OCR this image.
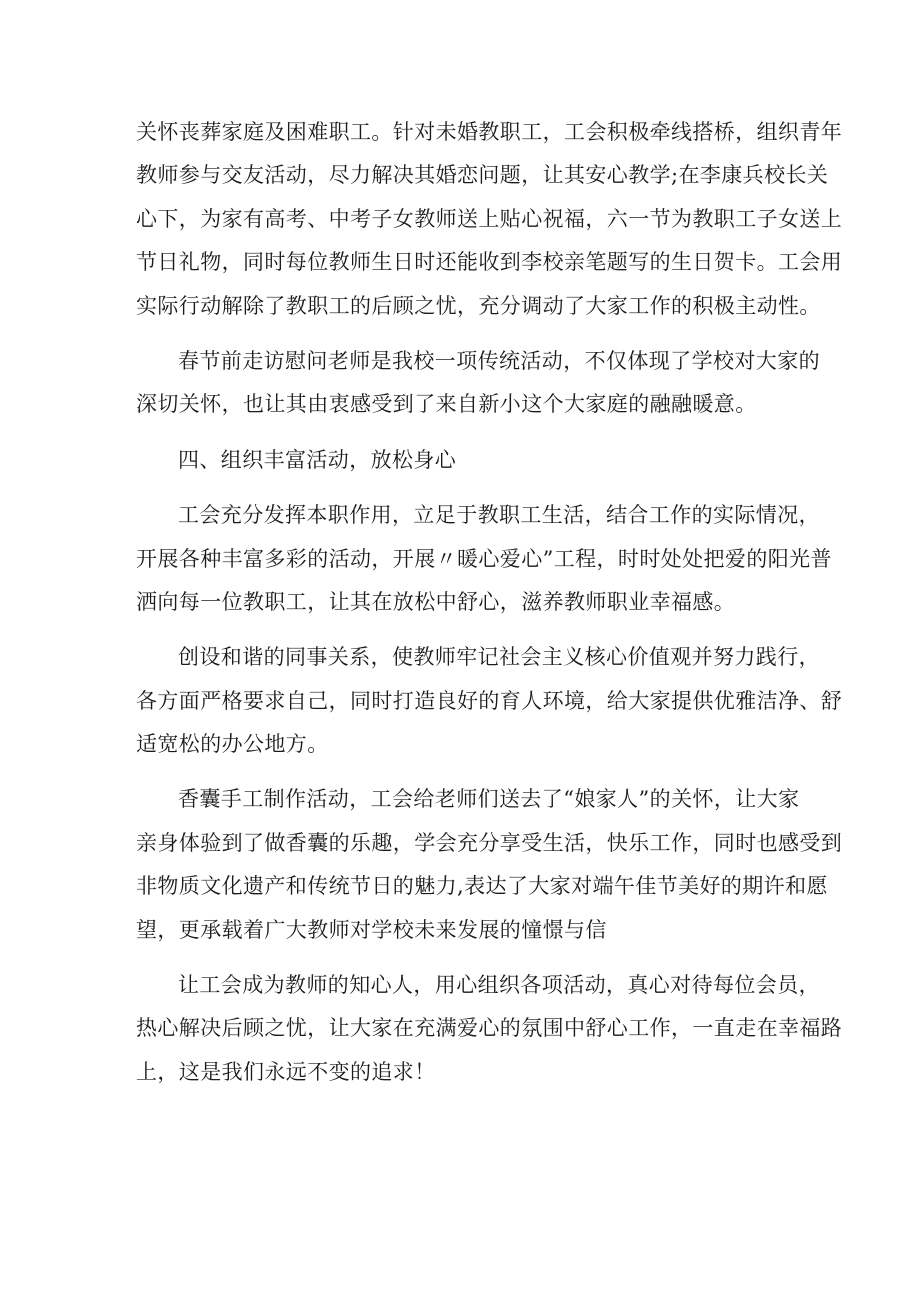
关怀丧葬家庭及困难职工。针对未婚教职工，工会积极牵线搭桥，组织青年
教师参与交友活动，尽力解决其婚恋问题，让其安心教学;在李康兵校长关
心下，为家有高考、中考子女教师送上贴心祝福，六一节为教职工子女送上
节日礼物，同时每位教师生日时还能收到李校亲笔题写的生日贺卡。工会用
实际行动解除了教职工的后顾之忧，充分调动了大家工作的积极主动性。
春节前走访慰问老师是我校一项传统活动，不仅体现了学校对大家的
深切关怀，也让其由衷感受到了来自新小这个大家庭的融融暖意。
四、组织丰富活动，放松身心
工会充分发挥本职作用，立足于教职工生活，结合工作的实际情况，
开展各种丰富多彩的活动，开展〃暖心爱心”工程，时时处处把爱的阳光普
洒向每一位教职工，让其在放松中舒心，滋养教师职业幸福感。
创设和谐的同事关系，使教师牢记社会主义核心价值观并努力践行，
各方面严格要求自己，同时打造良好的育人环境，给大家提供优雅洁净、舒
适宽松的办公地方。
香囊手工制作活动，工会给老师们送去了“娘家人”的关怀，让大家
亲身体验到了做香囊的乐趣，学会充分享受生活，快乐工作，同时也感受到
非物质文化遗产和传统节日的魅力,表达了大家对端午佳节美好的期许和愿
望，更承载着广大教师对学校未来发展的憧憬与信
让工会成为教师的知心人，用心组织各项活动，真心对待每位会员，
热心解决后顾之忧，让大家在充满爱心的氛围中舒心工作，一直走在幸福路
上，这是我们永远不变的追求！
